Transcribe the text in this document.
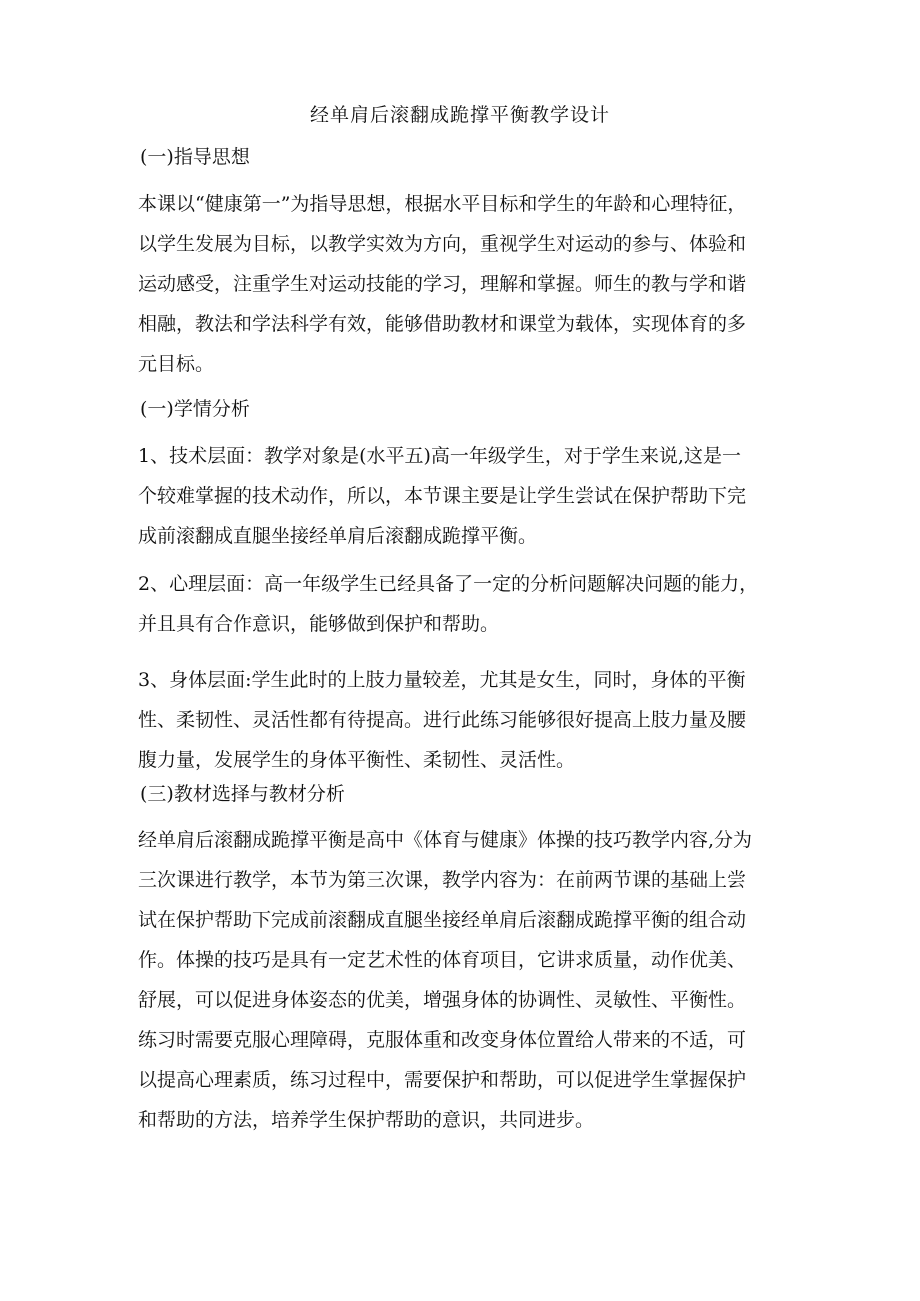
经单肩后滚翻成跪撑平衡教学设计
(一)指导思想
本课以“健康第一”为指导思想，根据水平目标和学生的年龄和心理特征，
以学生发展为目标，以教学实效为方向，重视学生对运动的参与、体验和
运动感受，注重学生对运动技能的学习，理解和掌握。师生的教与学和谐
相融，教法和学法科学有效，能够借助教材和课堂为载体，实现体育的多
元目标。
(一)学情分析
1、技术层面：教学对象是(水平五)高一年级学生，对于学生来说,这是一
个较难掌握的技术动作，所以，本节课主要是让学生尝试在保护帮助下完
成前滚翻成直腿坐接经单肩后滚翻成跪撑平衡。
2、心理层面：高一年级学生已经具备了一定的分析问题解决问题的能力，
并且具有合作意识，能够做到保护和帮助。
3、身体层面:学生此时的上肢力量较差，尤其是女生，同时，身体的平衡
性、柔韧性、灵活性都有待提高。进行此练习能够很好提高上肢力量及腰
腹力量，发展学生的身体平衡性、柔韧性、灵活性。
(三)教材选择与教材分析
经单肩后滚翻成跪撑平衡是高中《体育与健康》体操的技巧教学内容,分为
三次课进行教学，本节为第三次课，教学内容为：在前两节课的基础上尝
试在保护帮助下完成前滚翻成直腿坐接经单肩后滚翻成跪撑平衡的组合动
作。体操的技巧是具有一定艺术性的体育项目，它讲求质量，动作优美、
舒展，可以促进身体姿态的优美，增强身体的协调性、灵敏性、平衡性。
练习时需要克服心理障碍，克服体重和改变身体位置给人带来的不适，可
以提高心理素质，练习过程中，需要保护和帮助，可以促进学生掌握保护
和帮助的方法，培养学生保护帮助的意识，共同进步。
